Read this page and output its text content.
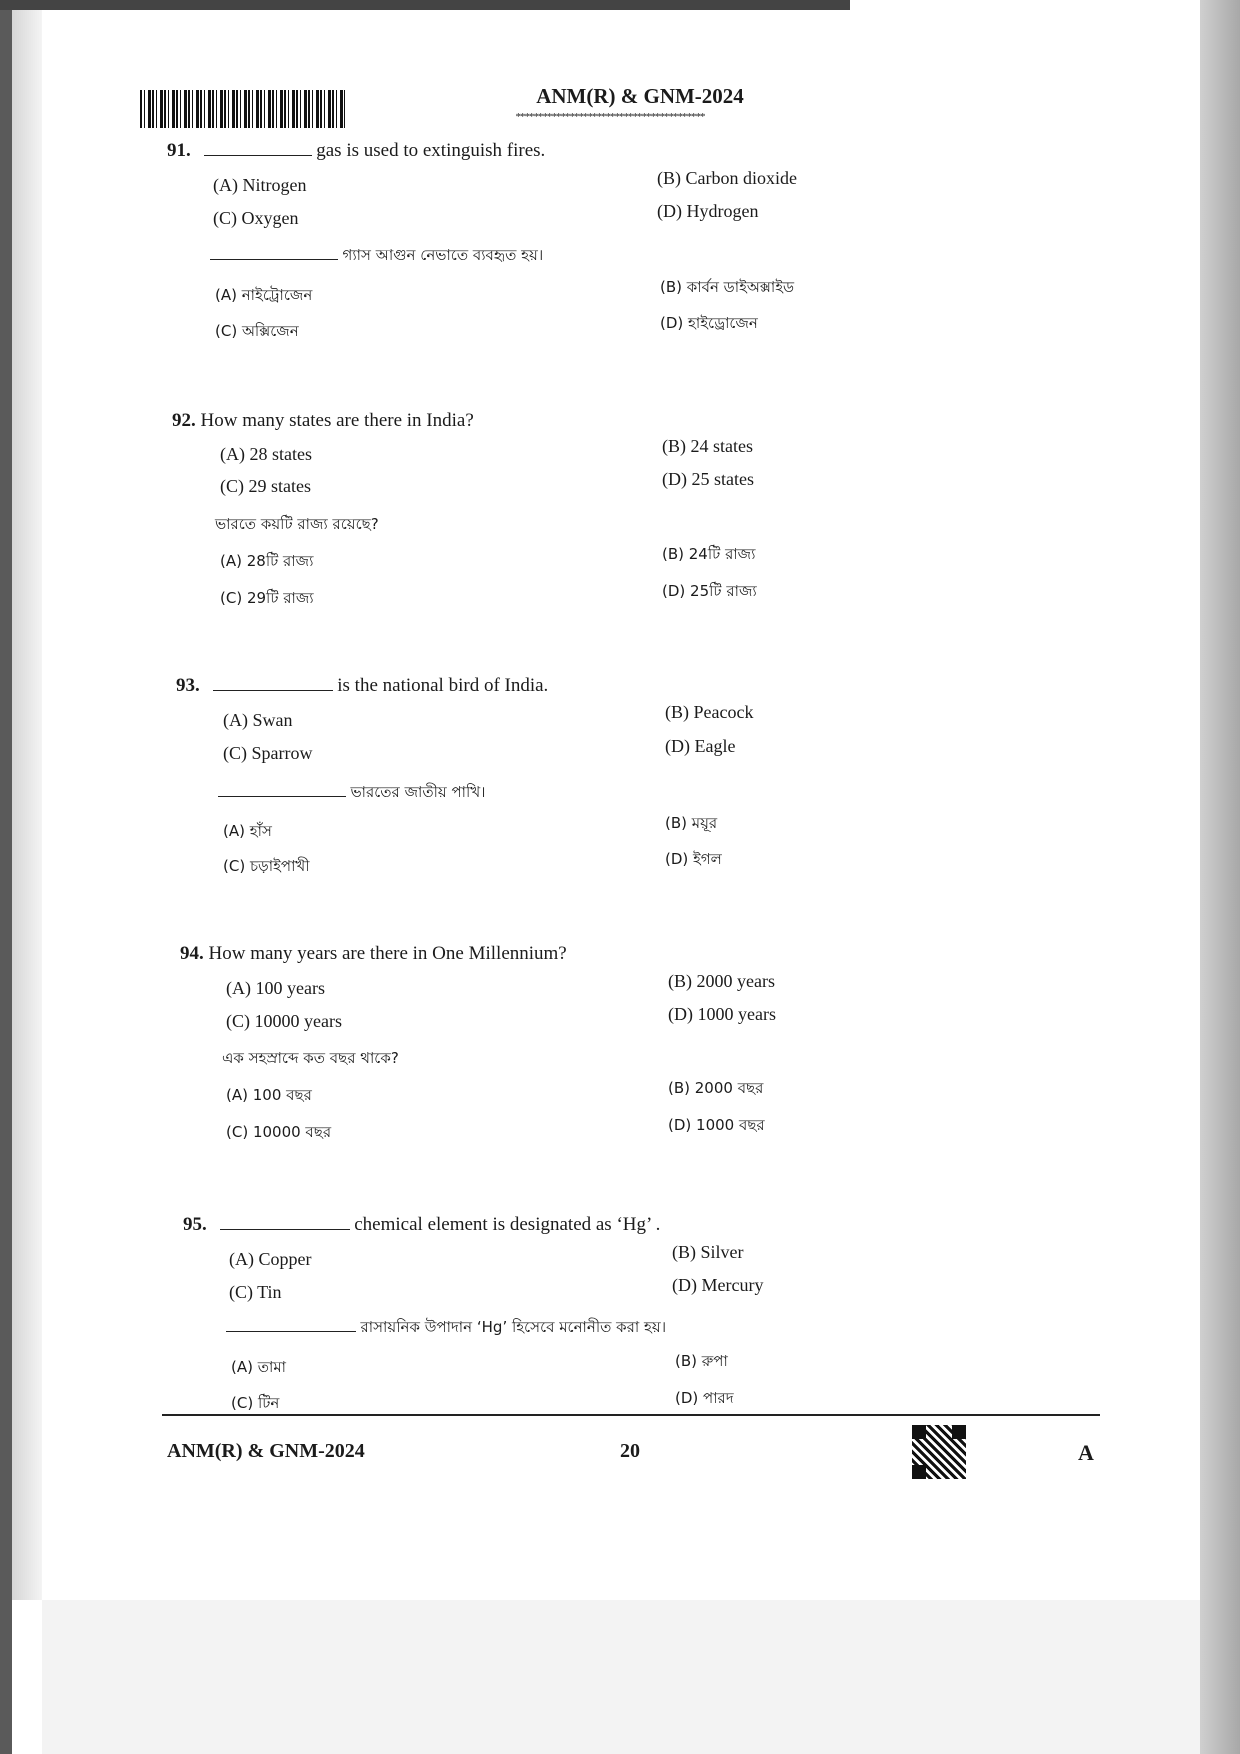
ANM(R) & GNM-2024
******************************************
91.	gas is used to extinguish fires.
(A) Nitrogen	(B) Carbon dioxide
(C) Oxygen	(D) Hydrogen
গ্যাস আগুন নেভাতে ব্যবহৃত হয়।
(A) নাইট্রোজেন	(B) কার্বন ডাইঅক্সাইড
(C) অক্সিজেন	(D) হাইড্রোজেন
92. How many states are there in India?
(A) 28 states	(B) 24 states
(C) 29 states	(D) 25 states
ভারতে কয়টি রাজ্য রয়েছে?
(A) 28টি রাজ্য	(B) 24টি রাজ্য
(C) 29টি রাজ্য	(D) 25টি রাজ্য
93.	is the national bird of India.
(A) Swan	(B) Peacock
(C) Sparrow	(D) Eagle
ভারতের জাতীয় পাখি।
(A) হাঁস	(B) ময়ূর
(C) চড়াইপাখী	(D) ইগল
94. How many years are there in One Millennium?
(A) 100 years	(B) 2000 years
(C) 10000 years	(D) 1000 years
এক সহস্রাব্দে কত বছর থাকে?
(A) 100 বছর	(B) 2000 বছর
(C) 10000 বছর	(D) 1000 বছর
95.	chemical element is designated as ‘Hg’ .
(A) Copper	(B) Silver
(C) Tin	(D) Mercury
রাসায়নিক উপাদান ‘Hg’ হিসেবে মনোনীত করা হয়।
(A) তামা	(B) রুপা
(C) টিন	(D) পারদ
ANM(R) & GNM-2024	20	A
